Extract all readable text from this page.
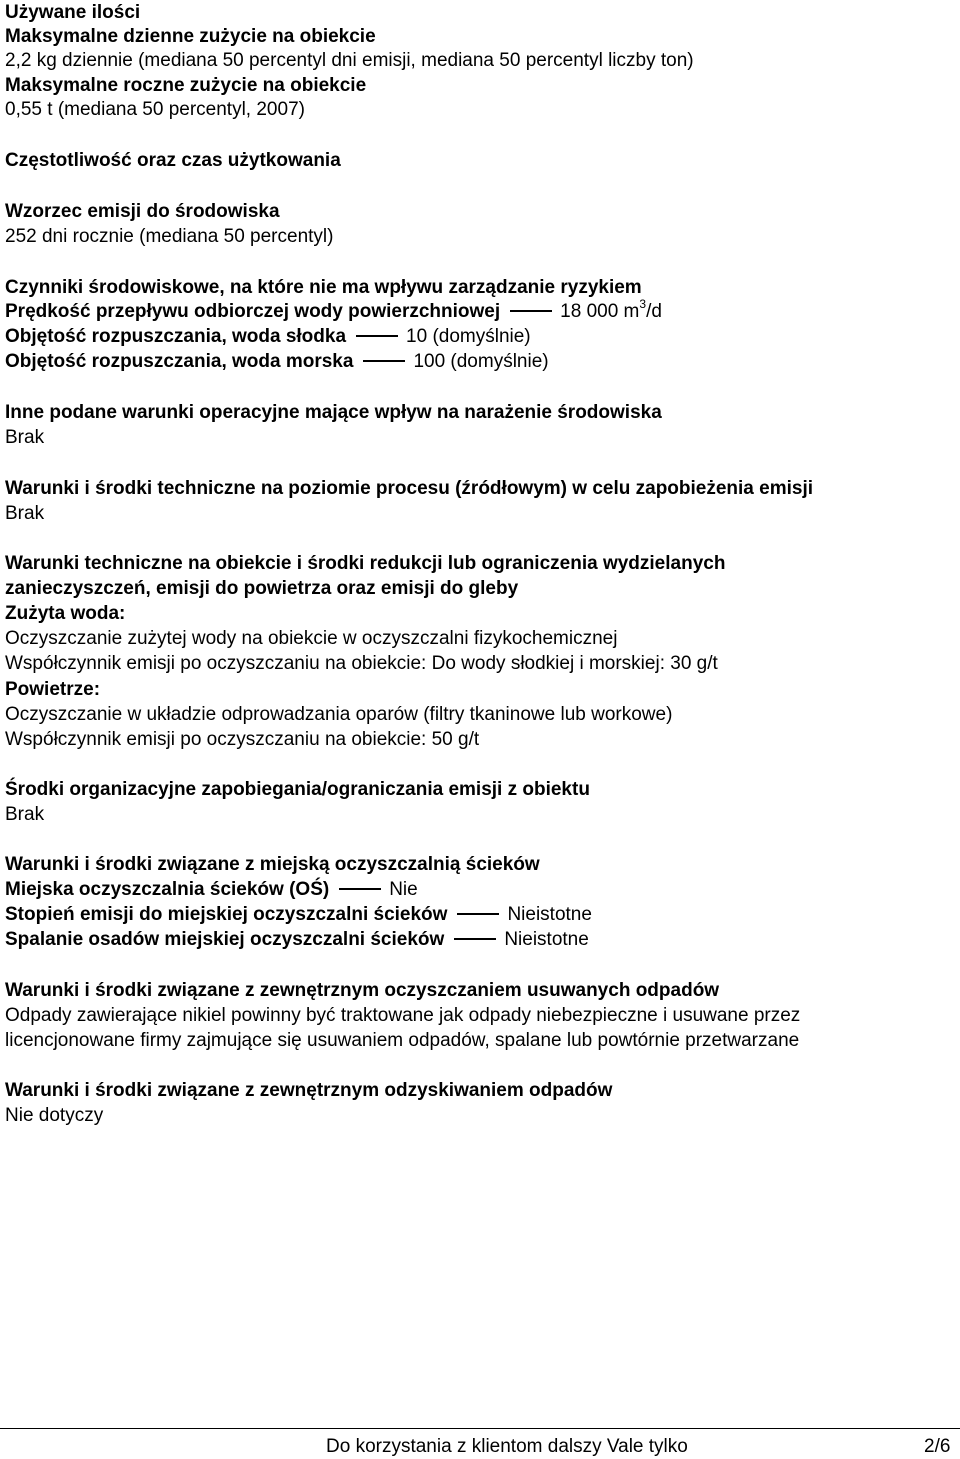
Używane ilości
Maksymalne dzienne zużycie na obiekcie
2,2 kg dziennie (mediana 50 percentyl dni emisji, mediana 50 percentyl liczby ton)
Maksymalne roczne zużycie na obiekcie
0,55 t (mediana 50 percentyl, 2007)
Częstotliwość oraz czas użytkowania
Wzorzec emisji do środowiska
252 dni rocznie (mediana 50 percentyl)
Czynniki środowiskowe, na które nie ma wpływu zarządzanie ryzykiem
Prędkość przepływu odbiorczej wody powierzchniowej	18 000 $m^3/d$
Objętość rozpuszczania, woda słodka	10 (domyślnie)
Objętość rozpuszczania, woda morska	100 (domyślnie)
Inne podane warunki operacyjne mające wpływ na narażenie środowiska
Brak
Warunki i środki techniczne na poziomie procesu (źródłowym) w celu zapobieżenia emisji
Brak
Warunki techniczne na obiekcie i środki redukcji lub ograniczenia wydzielanych
zanieczyszczeń, emisji do powietrza oraz emisji do gleby
Zużyta woda:
Oczyszczanie zużytej wody na obiekcie w oczyszczalni fizykochemicznej
Współczynnik emisji po oczyszczaniu na obiekcie: Do wody słodkiej i morskiej: 30 g/t
Powietrze:
Oczyszczanie w układzie odprowadzania oparów (filtry tkaninowe lub workowe)
Współczynnik emisji po oczyszczaniu na obiekcie: 50 g/t
Środki organizacyjne zapobiegania/ograniczania emisji z obiektu
Brak
Warunki i środki związane z miejską oczyszczalnią ścieków
Miejska oczyszczalnia ścieków (OŚ)	Nie
Stopień emisji do miejskiej oczyszczalni ścieków	Nieistotne
Spalanie osadów miejskiej oczyszczalni ścieków	Nieistotne
Warunki i środki związane z zewnętrznym oczyszczaniem usuwanych odpadów
Odpady zawierające nikiel powinny być traktowane jak odpady niebezpieczne i usuwane przez
licencjonowane firmy zajmujące się usuwaniem odpadów, spalane lub powtórnie przetwarzane
Warunki i środki związane z zewnętrznym odzyskiwaniem odpadów
Nie dotyczy
Do korzystania z klientom dalszy Vale tylko	2/6
